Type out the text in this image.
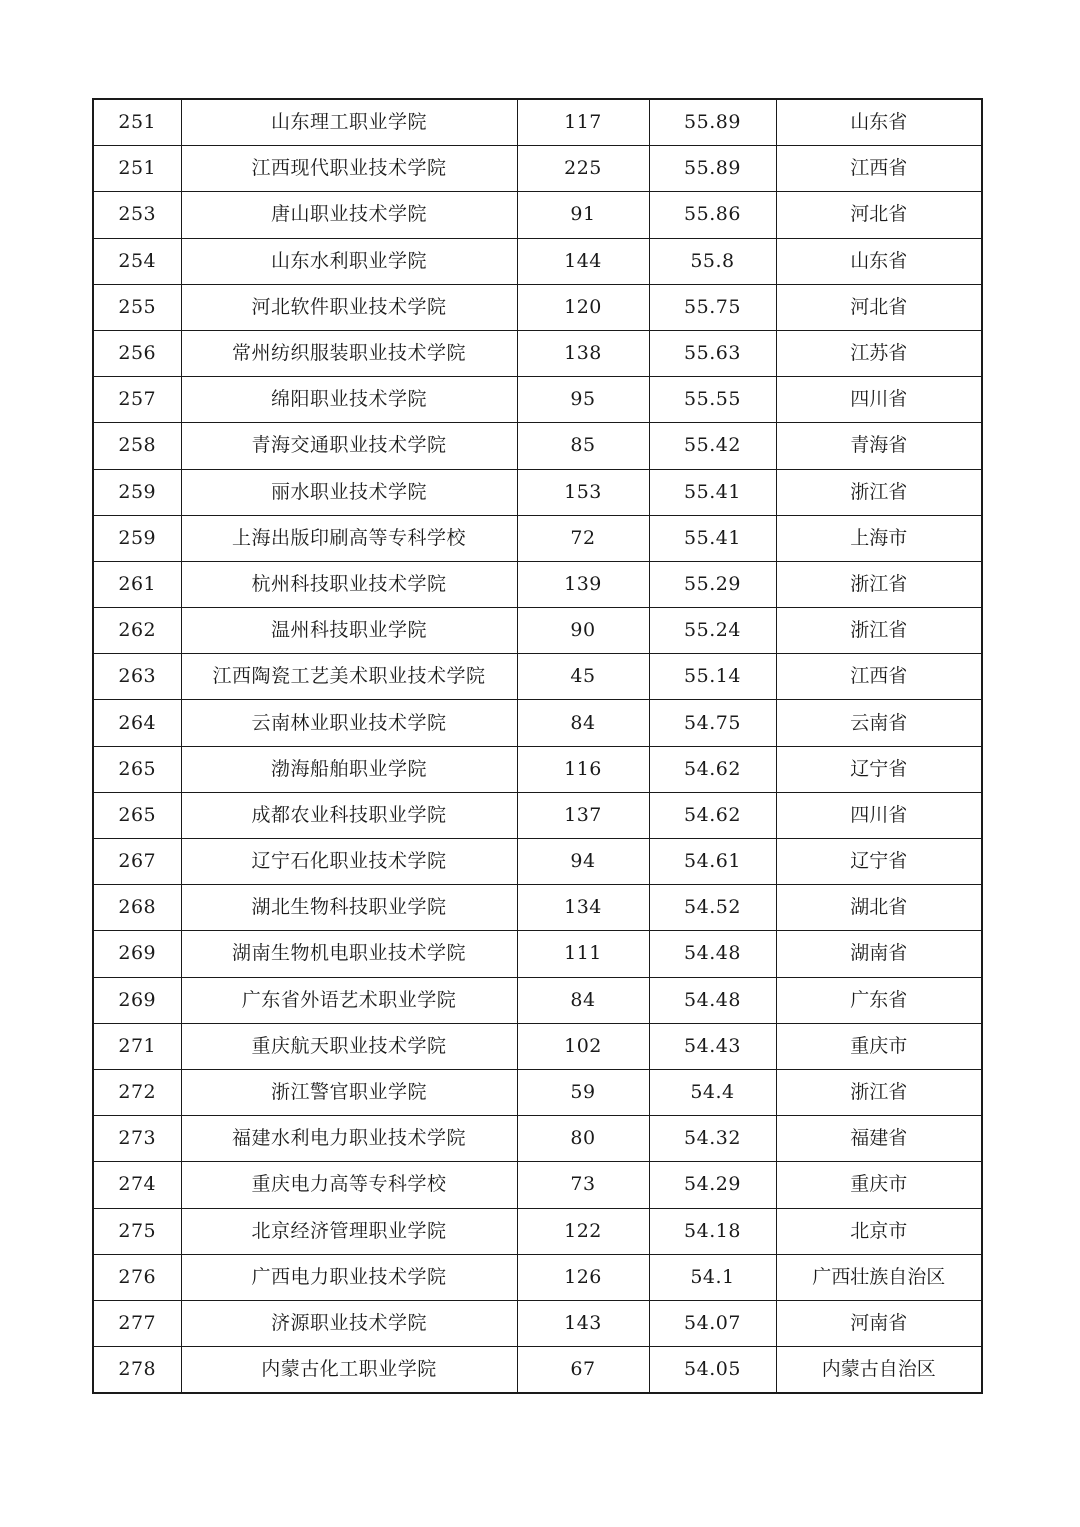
251	山东理工职业学院	117	55.89	山东省
251	江西现代职业技术学院	225	55.89	江西省
253	唐山职业技术学院	91	55.86	河北省
254	山东水利职业学院	144	55.8	山东省
255	河北软件职业技术学院	120	55.75	河北省
256	常州纺织服装职业技术学院	138	55.63	江苏省
257	绵阳职业技术学院	95	55.55	四川省
258	青海交通职业技术学院	85	55.42	青海省
259	丽水职业技术学院	153	55.41	浙江省
259	上海出版印刷高等专科学校	72	55.41	上海市
261	杭州科技职业技术学院	139	55.29	浙江省
262	温州科技职业学院	90	55.24	浙江省
263	江西陶瓷工艺美术职业技术学院	45	55.14	江西省
264	云南林业职业技术学院	84	54.75	云南省
265	渤海船舶职业学院	116	54.62	辽宁省
265	成都农业科技职业学院	137	54.62	四川省
267	辽宁石化职业技术学院	94	54.61	辽宁省
268	湖北生物科技职业学院	134	54.52	湖北省
269	湖南生物机电职业技术学院	111	54.48	湖南省
269	广东省外语艺术职业学院	84	54.48	广东省
271	重庆航天职业技术学院	102	54.43	重庆市
272	浙江警官职业学院	59	54.4	浙江省
273	福建水利电力职业技术学院	80	54.32	福建省
274	重庆电力高等专科学校	73	54.29	重庆市
275	北京经济管理职业学院	122	54.18	北京市
276	广西电力职业技术学院	126	54.1	广西壮族自治区
277	济源职业技术学院	143	54.07	河南省
278	内蒙古化工职业学院	67	54.05	内蒙古自治区
